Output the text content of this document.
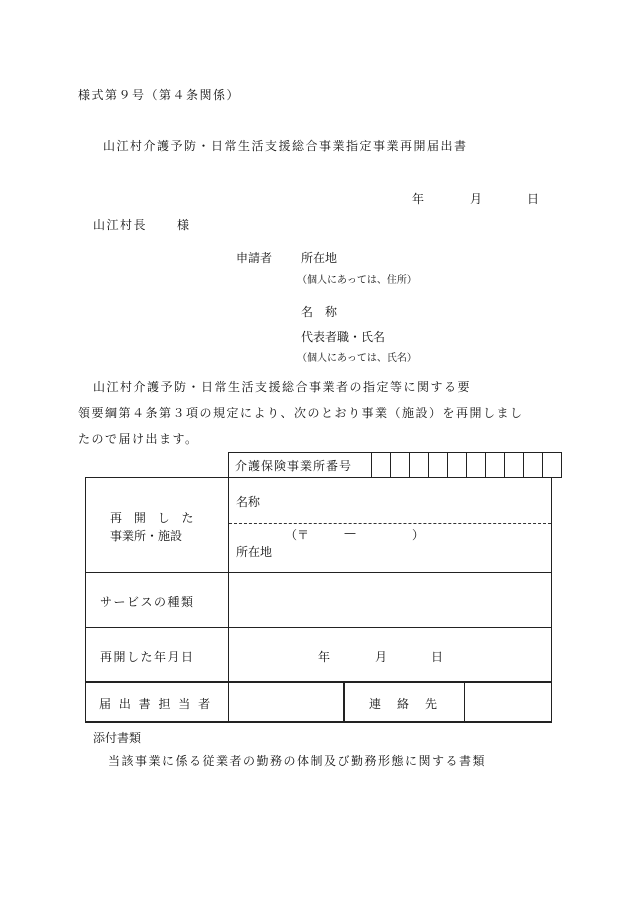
様式第９号（第４条関係）
山江村介護予防・日常生活支援総合事業指定事業再開届出書
年	月	日
山江村長 様
申請者 所在地
（個人にあっては、住所）
名　称
代表者職・氏名
（個人にあっては、氏名）
山江村介護予防・日常生活支援総合事業者の指定等に関する要
領要綱第４条第３項の規定により、次のとおり事業（施設）を再開しまし
たので届け出ます。
介護保険事業所番号										
再 開 し た
事業所・施設
名称
（〒	—	）
所在地
サービスの種類
再開した年月日	年	月	日
届 出 書 担 当 者	連　絡　先
添付書類
当該事業に係る従業者の勤務の体制及び勤務形態に関する書類
